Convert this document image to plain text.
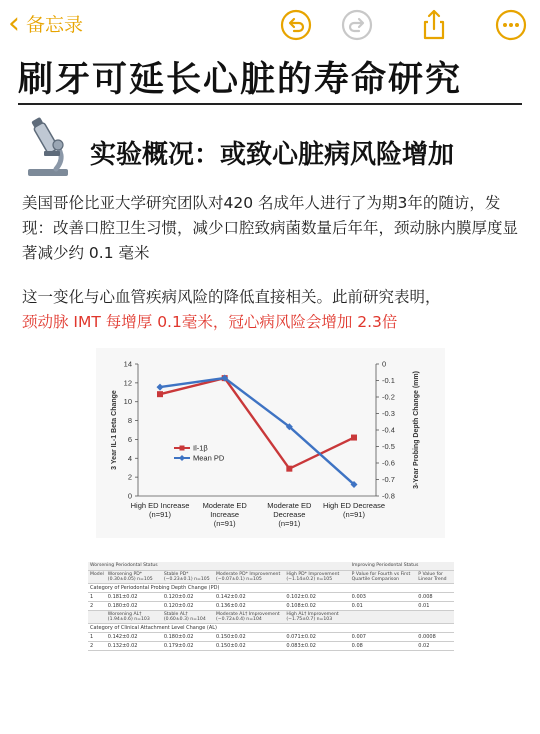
‹ 备忘录
刷牙可延长心脏的寿命研究
实验概况：或致心脏病风险增加
美国哥伦比亚大学研究团队对420 名成年人进行了为期3年的随访，发现：改善口腔卫生习惯，减少口腔致病菌数量后年年，颈动脉内膜厚度显著减少约 0.1 毫米
这一变化与心血管疾病风险的降低直接相关。此前研究表明，
颈动脉 IMT 每增厚 0.1毫米，冠心病风险会增加 2.3倍
0
2
4
6
8
10
12
14	0
-0.1
-0.2
-0.3
-0.4
-0.5
-0.6
-0.7
-0.8
3 Year IL-1 Beta Change	3-Year Probing Depth Change (mm)
High ED Increase
(n=91)
Moderate ED
Increase
(n=91)
Moderate ED
Decrease
(n=91)
High ED Decrease
(n=91)
Il-1β
Mean PD
Worsening Periodontal Status					Improving Periodontal Status	
Model	Worsening PD* (0.30±0.05) n=105	Stable PD* (−0.23±0.1) n=105	Moderate PD* Improvement (−0.07±0.1) n=105	High PD* Improvement (−1.14±0.2) n=105	P Value for Fourth vs First Quartile Comparison	P Value for Linear Trend
Category of Periodontal Probing Depth Change (PD)						
1	0.181±0.02	0.120±0.02	0.142±0.02	0.102±0.02	0.003	0.008
2	0.180±0.02	0.120±0.02	0.136±0.02	0.108±0.02	0.01	0.01
	Worsening AL† (1.94±0.6) n=103	Stable AL† (0.60±0.3) n=104	Moderate AL† Improvement (−0.72±0.4) n=104	High AL† Improvement (−1.75±0.7) n=103		
Category of Clinical Attachment Level Change (AL)						
1	0.142±0.02	0.180±0.02	0.150±0.02	0.071±0.02	0.007	0.0008
2	0.132±0.02	0.179±0.02	0.150±0.02	0.083±0.02	0.08	0.02
